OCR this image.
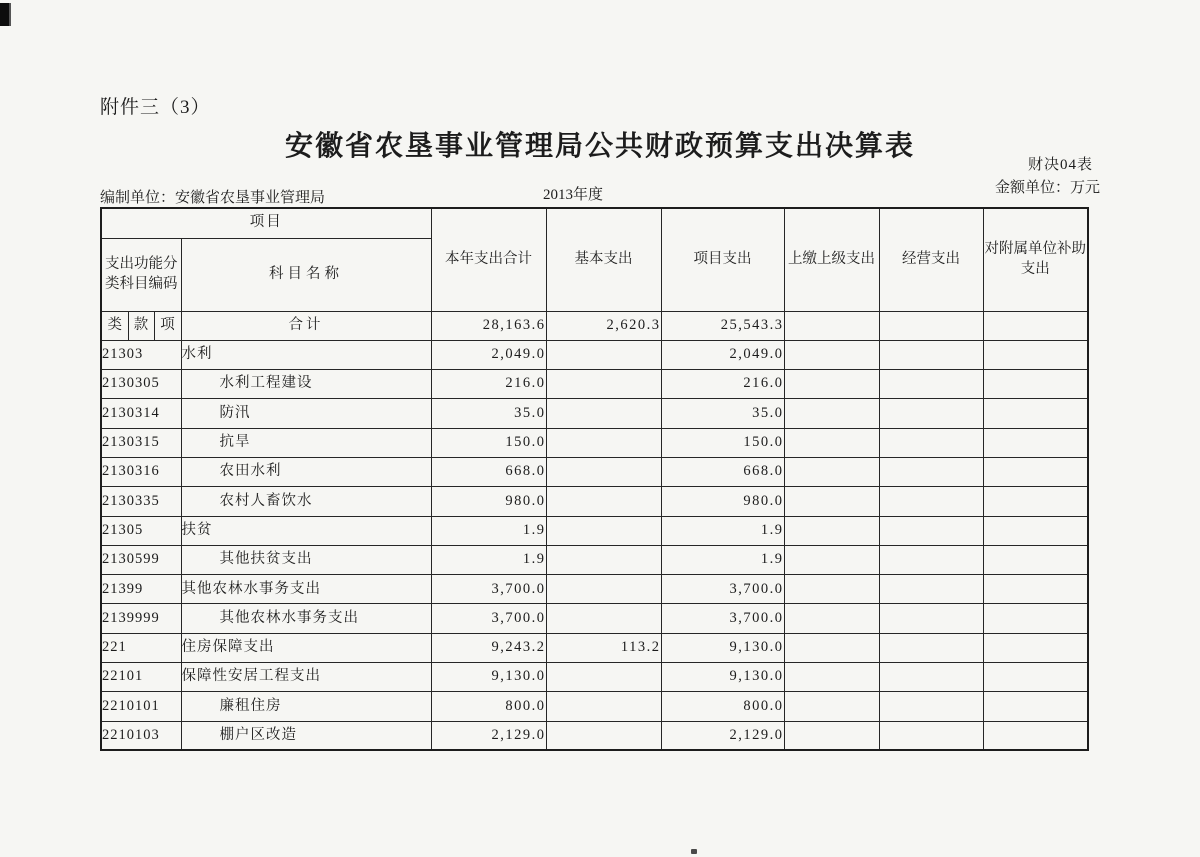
附件三（3）
安徽省农垦事业管理局公共财政预算支出决算表
财决04表
编制单位：安徽省农垦事业管理局	2013年度	金额单位：万元
项目				本年支出合计	基本支出	项目支出	上缴上级支出	经营支出	对附属单位补助支出
支出功能分类科目编码			科目名称						
类	款	项	合计	28,163.6	2,620.3	25,543.3			
21303			水利	2,049.0		2,049.0			
2130305			水利工程建设	216.0		216.0			
2130314			防汛	35.0		35.0			
2130315			抗旱	150.0		150.0			
2130316			农田水利	668.0		668.0			
2130335			农村人畜饮水	980.0		980.0			
21305			扶贫	1.9		1.9			
2130599			其他扶贫支出	1.9		1.9			
21399			其他农林水事务支出	3,700.0		3,700.0			
2139999			其他农林水事务支出	3,700.0		3,700.0			
221			住房保障支出	9,243.2	113.2	9,130.0			
22101			保障性安居工程支出	9,130.0		9,130.0			
2210101			廉租住房	800.0		800.0			
2210103			棚户区改造	2,129.0		2,129.0			
